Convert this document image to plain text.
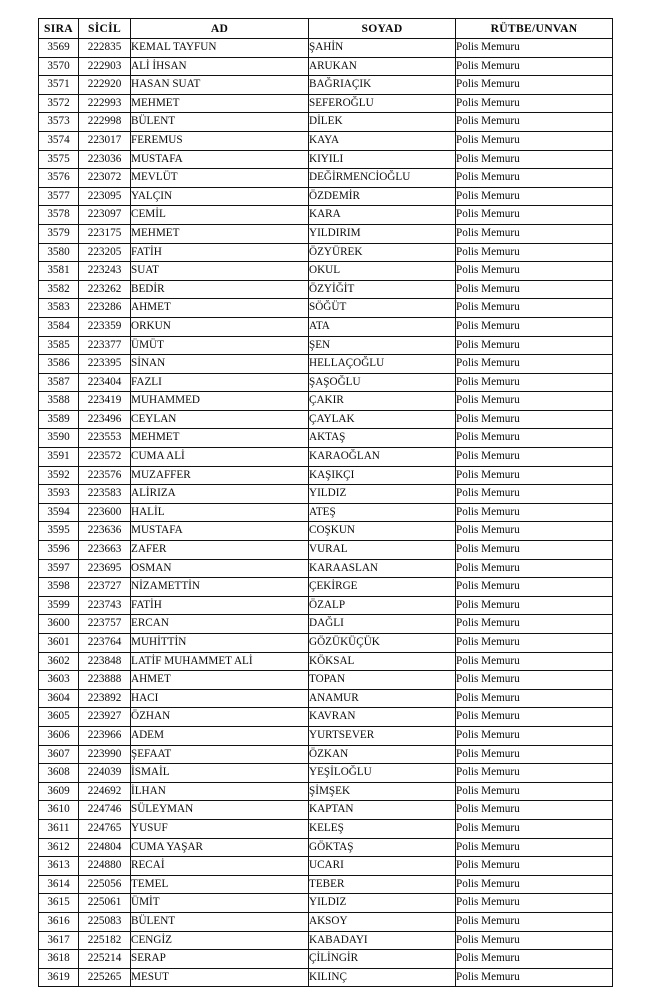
SIRA	SİCİL	AD	SOYAD	RÜTBE/UNVAN
3569	222835	KEMAL TAYFUN	ŞAHİN	Polis Memuru
3570	222903	ALİ İHSAN	ARUKAN	Polis Memuru
3571	222920	HASAN SUAT	BAĞRIAÇIK	Polis Memuru
3572	222993	MEHMET	SEFEROĞLU	Polis Memuru
3573	222998	BÜLENT	DİLEK	Polis Memuru
3574	223017	FEREMUS	KAYA	Polis Memuru
3575	223036	MUSTAFA	KIYILI	Polis Memuru
3576	223072	MEVLÜT	DEĞİRMENCİOĞLU	Polis Memuru
3577	223095	YALÇIN	ÖZDEMİR	Polis Memuru
3578	223097	CEMİL	KARA	Polis Memuru
3579	223175	MEHMET	YILDIRIM	Polis Memuru
3580	223205	FATİH	ÖZYÜREK	Polis Memuru
3581	223243	SUAT	OKUL	Polis Memuru
3582	223262	BEDİR	ÖZYİĞİT	Polis Memuru
3583	223286	AHMET	SÖĞÜT	Polis Memuru
3584	223359	ORKUN	ATA	Polis Memuru
3585	223377	ÜMÜT	ŞEN	Polis Memuru
3586	223395	SİNAN	HELLAÇOĞLU	Polis Memuru
3587	223404	FAZLI	ŞAŞOĞLU	Polis Memuru
3588	223419	MUHAMMED	ÇAKIR	Polis Memuru
3589	223496	CEYLAN	ÇAYLAK	Polis Memuru
3590	223553	MEHMET	AKTAŞ	Polis Memuru
3591	223572	CUMA ALİ	KARAOĞLAN	Polis Memuru
3592	223576	MUZAFFER	KAŞIKÇI	Polis Memuru
3593	223583	ALİRIZA	YILDIZ	Polis Memuru
3594	223600	HALİL	ATEŞ	Polis Memuru
3595	223636	MUSTAFA	COŞKUN	Polis Memuru
3596	223663	ZAFER	VURAL	Polis Memuru
3597	223695	OSMAN	KARAASLAN	Polis Memuru
3598	223727	NİZAMETTİN	ÇEKİRGE	Polis Memuru
3599	223743	FATİH	ÖZALP	Polis Memuru
3600	223757	ERCAN	DAĞLI	Polis Memuru
3601	223764	MUHİTTİN	GÖZÜKÜÇÜK	Polis Memuru
3602	223848	LATİF MUHAMMET ALİ	KÖKSAL	Polis Memuru
3603	223888	AHMET	TOPAN	Polis Memuru
3604	223892	HACI	ANAMUR	Polis Memuru
3605	223927	ÖZHAN	KAVRAN	Polis Memuru
3606	223966	ADEM	YURTSEVER	Polis Memuru
3607	223990	ŞEFAAT	ÖZKAN	Polis Memuru
3608	224039	İSMAİL	YEŞİLOĞLU	Polis Memuru
3609	224692	İLHAN	ŞİMŞEK	Polis Memuru
3610	224746	SÜLEYMAN	KAPTAN	Polis Memuru
3611	224765	YUSUF	KELEŞ	Polis Memuru
3612	224804	CUMA YAŞAR	GÖKTAŞ	Polis Memuru
3613	224880	RECAİ	UCARI	Polis Memuru
3614	225056	TEMEL	TEBER	Polis Memuru
3615	225061	ÜMİT	YILDIZ	Polis Memuru
3616	225083	BÜLENT	AKSOY	Polis Memuru
3617	225182	CENGİZ	KABADAYI	Polis Memuru
3618	225214	SERAP	ÇİLİNGİR	Polis Memuru
3619	225265	MESUT	KILINÇ	Polis Memuru
